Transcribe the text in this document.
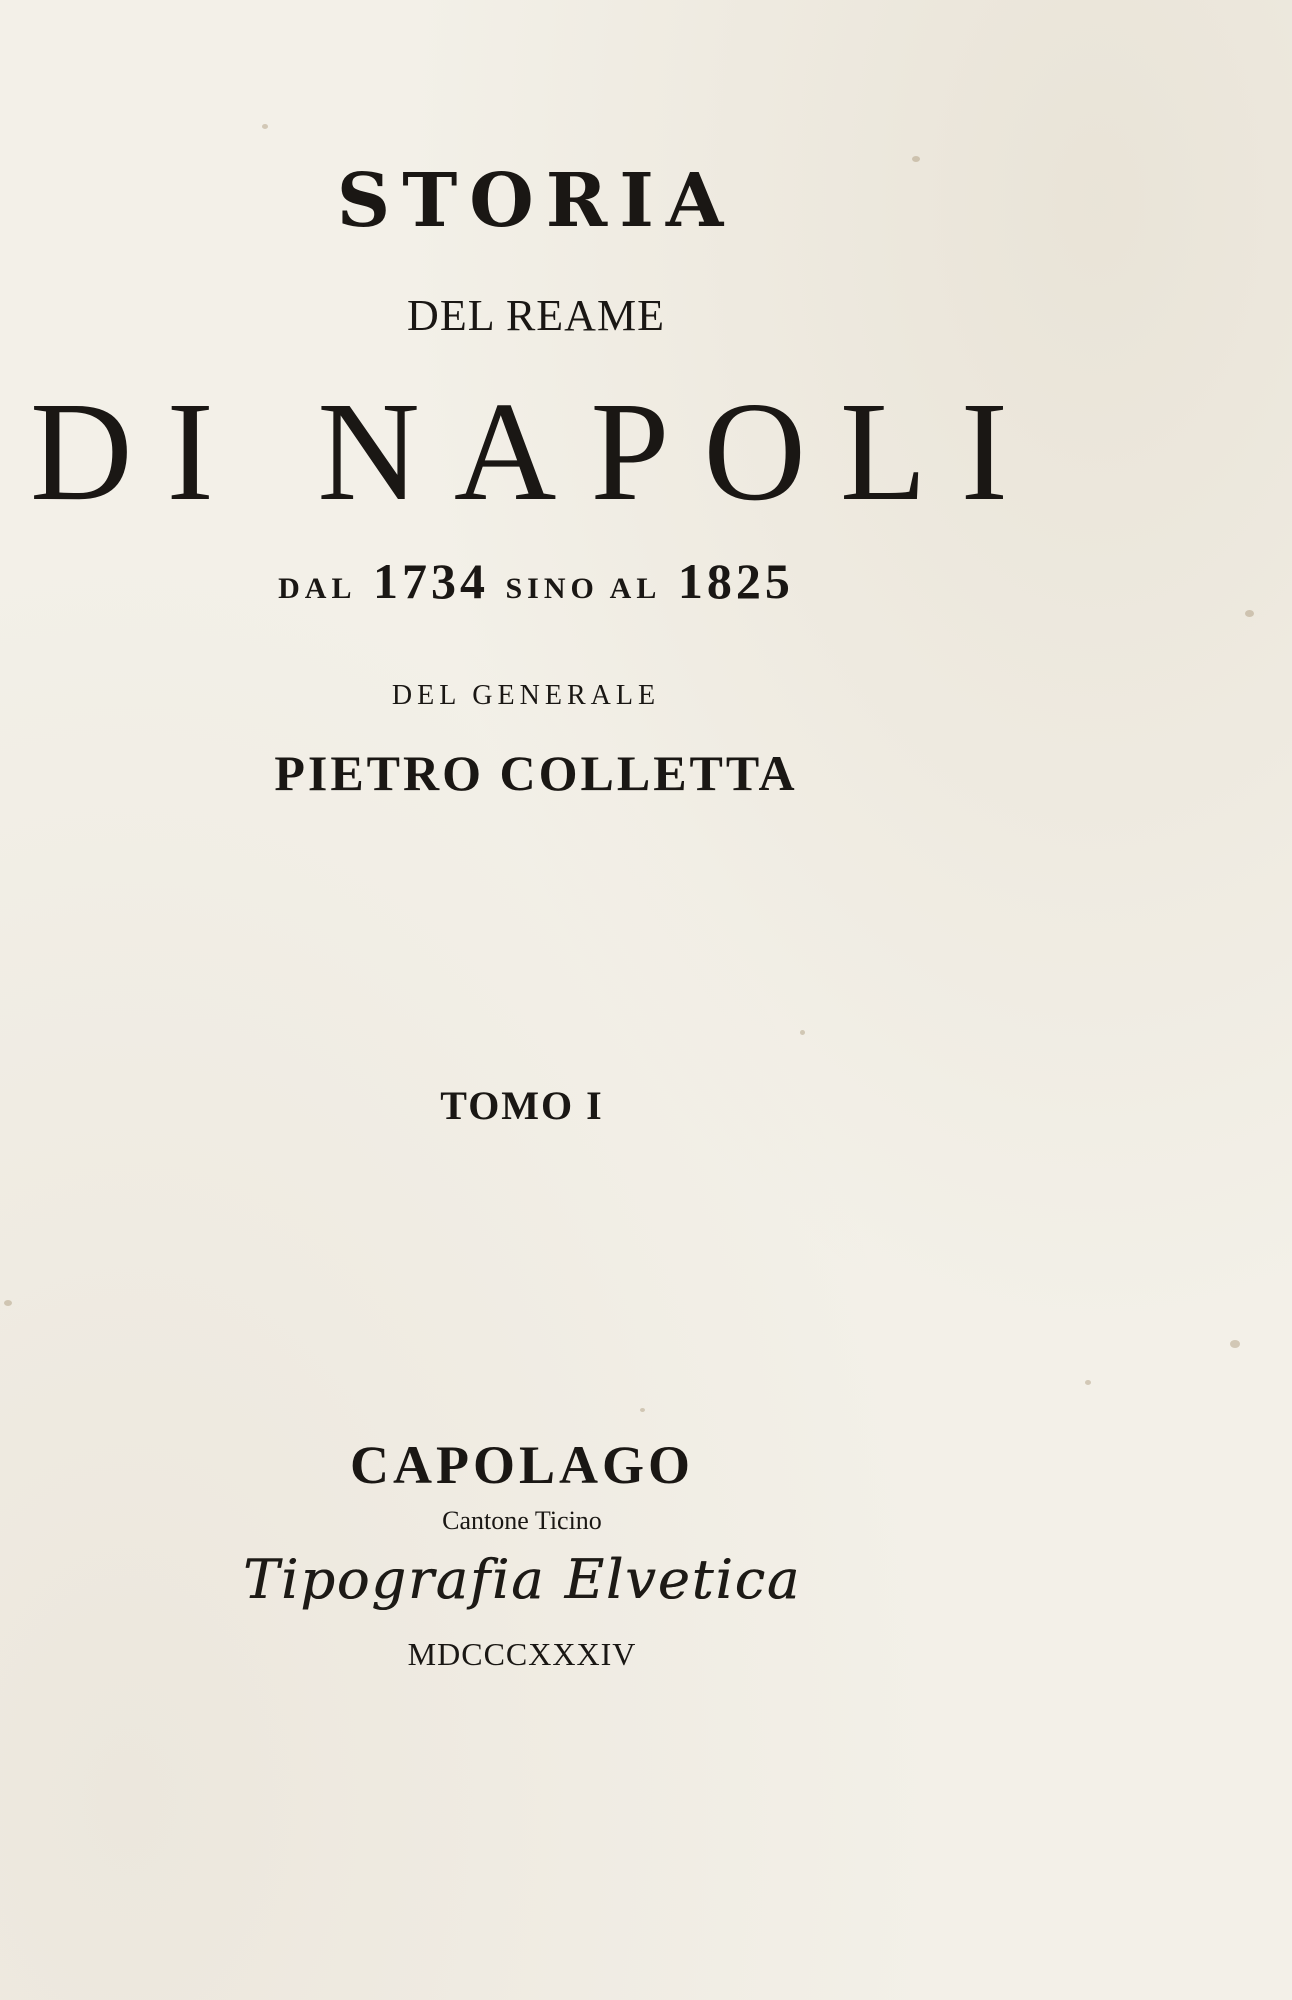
STORIA
DEL REAME
DI NAPOLI
DAL 1734 SINO AL 1825
DEL GENERALE
PIETRO COLLETTA
TOMO I
CAPOLAGO
Cantone Ticino
Tipografia Elvetica
MDCCCXXXIV
